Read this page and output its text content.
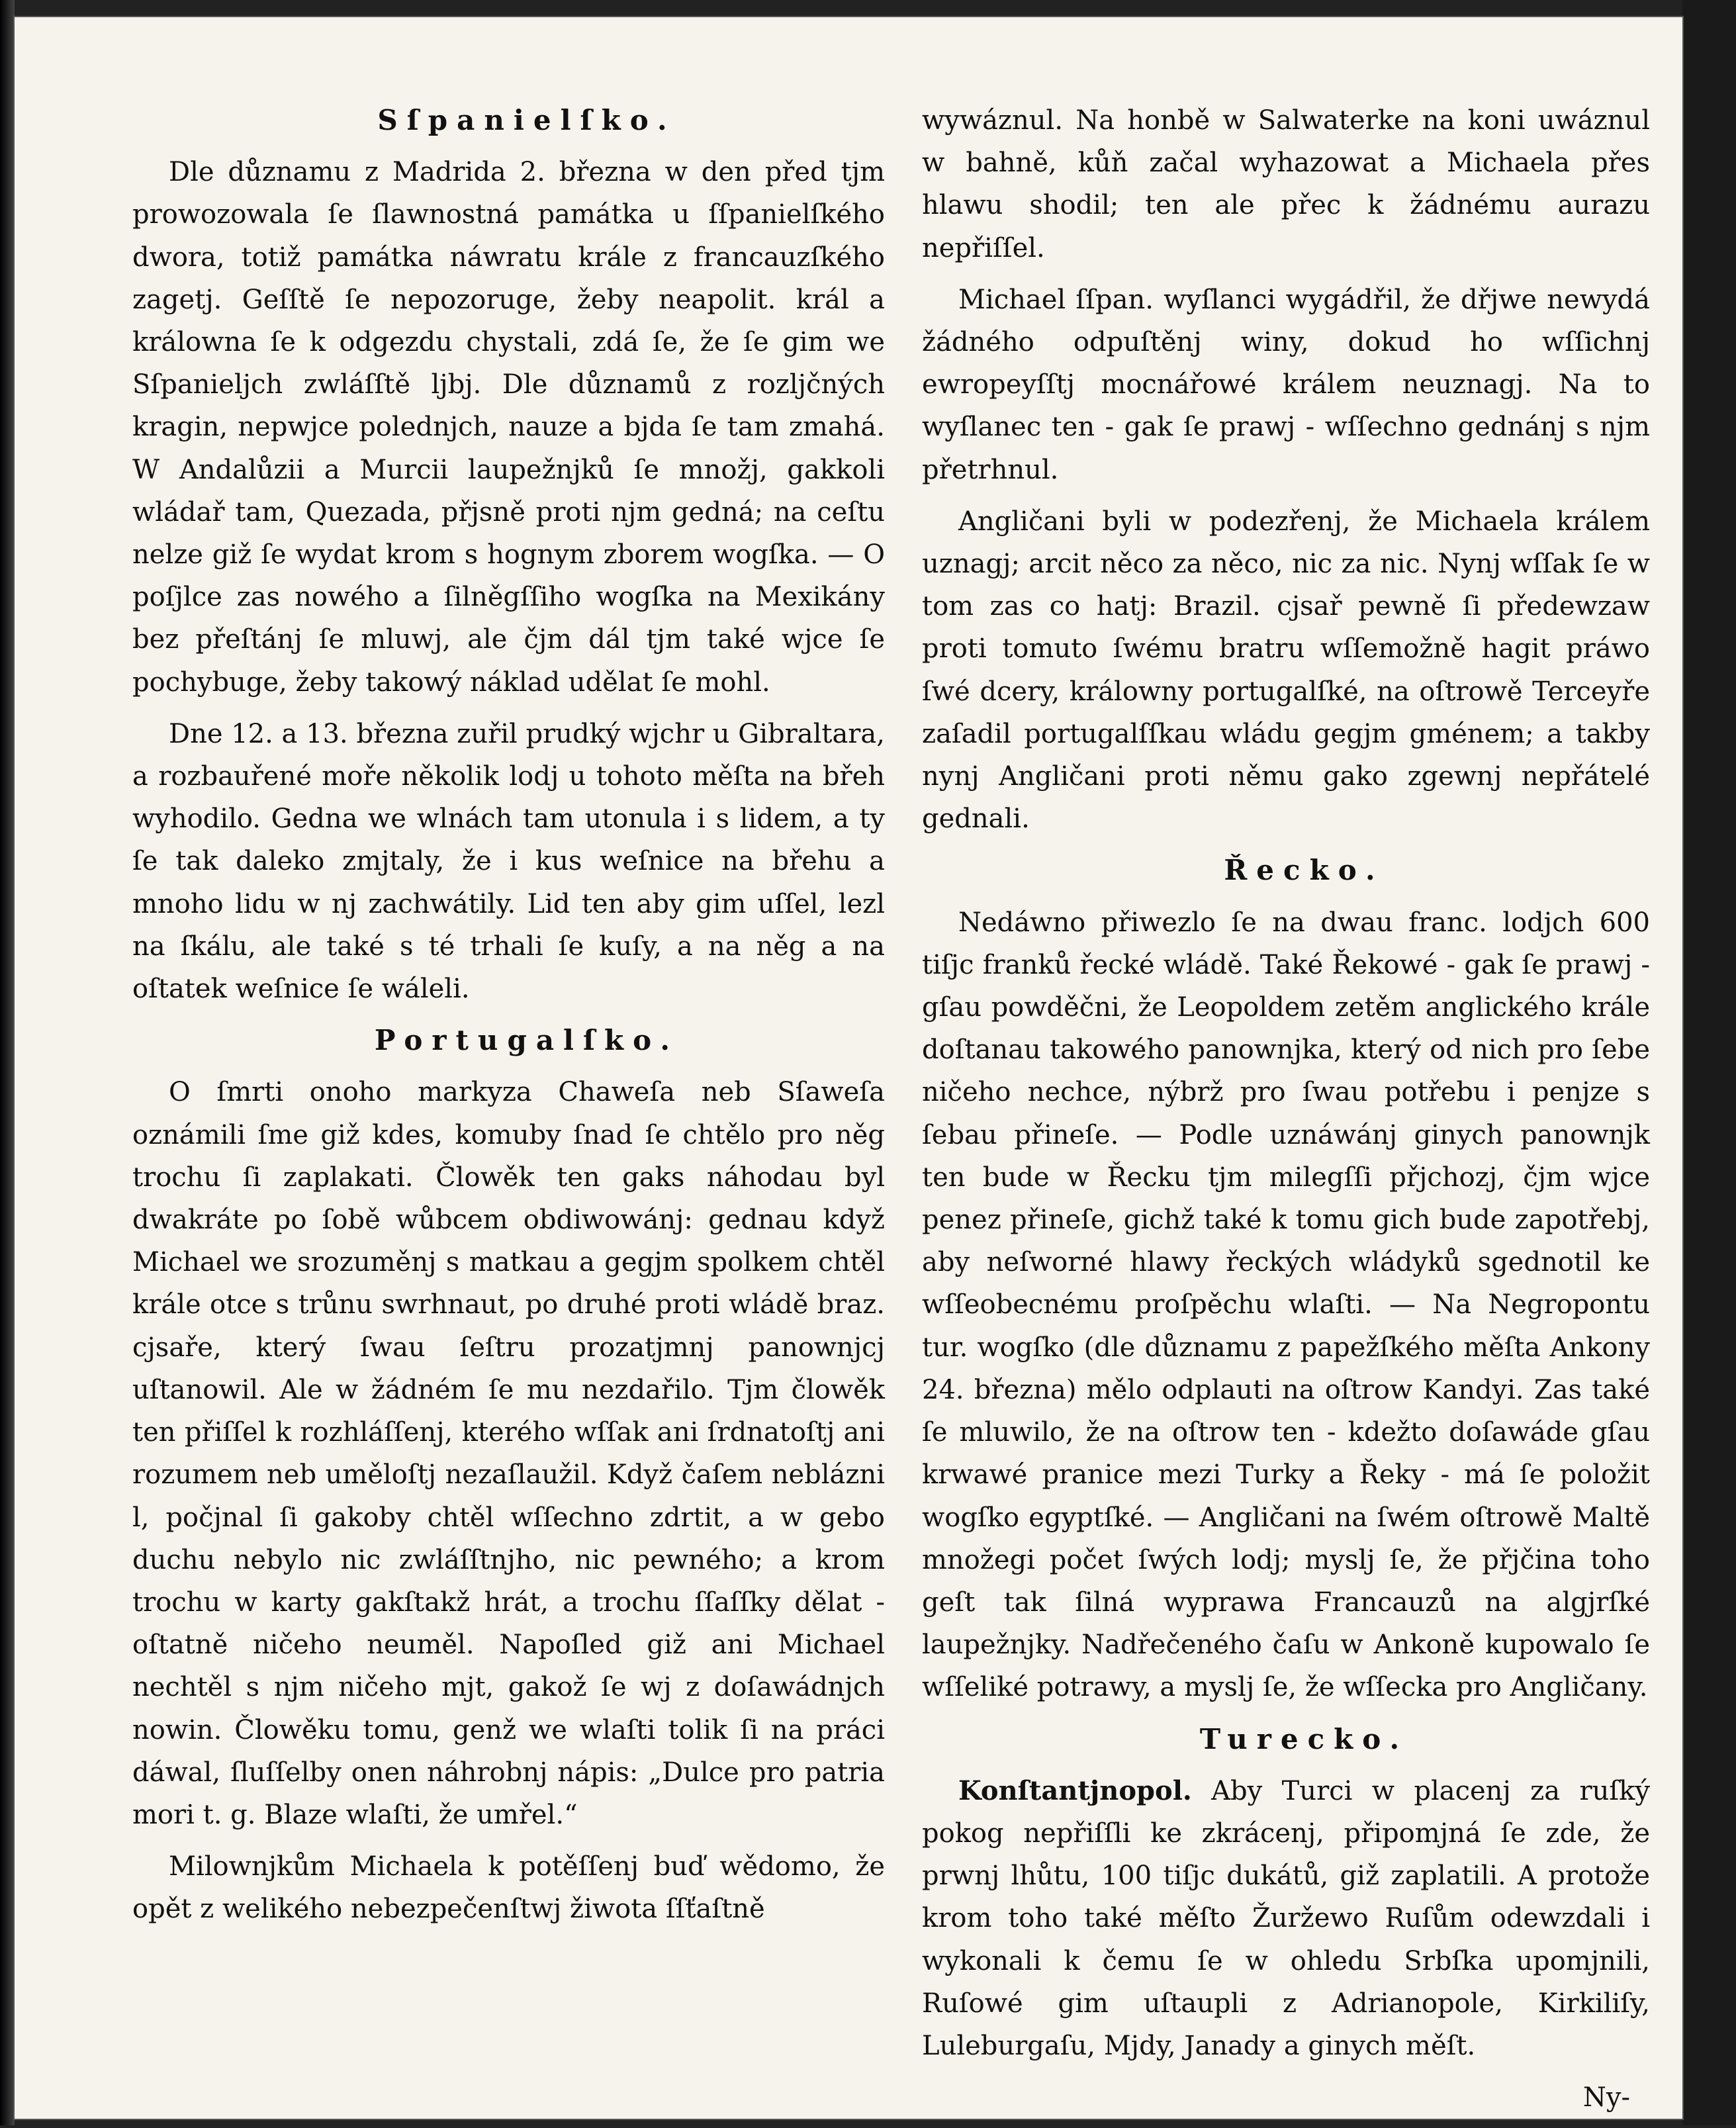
Sſpanielſko.

Dle důznamu z Madrida 2. březnа w den před tjm prowozowala ſe ſlawnostná památka u ſſpanielſkého dwora, totiž památka náwratu krále z francauzſkého zagetj. Geſſtě ſe nepozoruge, žeby neapolit. král a králowna ſe k odgezdu chystali, zdá ſe, že ſe gim we Sſpanieljch zwláſſtě ljbj. Dle důznamů z rozljčných kragin, nepwjce polednjch, nauze a bjda ſe tam zmahá. W Andalůzii a Murcii laupežnjků ſe množj, gakkoli wládař tam, Quezada, přjsně proti njm gedná; na ceſtu nelze giž ſe wydat krom s hognym zborem wogſka. — O poſjlce zas nowého a ſilněgſſiho wogſka na Mexikány bez přeſtánj ſe mluwj, ale čjm dál tjm také wjce ſe pochybuge, žeby takowý náklad udělat ſe mohl.

Dne 12. a 13. března zuřil prudký wjchr u Gibraltara, a rozbauřené moře několik lodj u tohoto měſta na břeh wyhodilo. Gedna we wlnách tam utonula i s lidem, a ty ſe tak daleko zmjtaly, že i kus weſnice na břehu a mnoho lidu w nj zachwátily. Lid ten aby gim uſſel, lezl na ſkálu, ale také s té trhali ſe kuſy, a na něg a na oſtatek weſnice ſe wáleli.

Portugalſko.

O ſmrti onoho markyza Chaweſa neb Sſaweſa oznámili ſme giž kdes, komuby ſnad ſe chtělo pro něg trochu ſi zaplakati. Člowěk ten gaks náhodau byl dwakráte po ſobě wůbcem obdiwowánj: gednau když Michael we srozuměnj s matkau a gegjm spolkem chtěl krále otce s trůnu swrhnaut, po druhé proti wládě braz. cjsaře, který ſwau ſeſtru prozatjmnj panownjcj uſtanowil. Ale w žádném ſe mu nezdařilo. Tjm člowěk ten přiſſel k rozhláſſenj, kterého wſſak ani ſrdnatoſtj ani rozumem neb uměloſtj nezaſlaužil. Když čaſem neblázni​l, počjnal ſi gakoby chtěl wſſechno zdrtit, a w gebo duchu nebylo nic zwláſſtnjho, nic pewného; a krom trochu w karty gakſtakž hrát, a trochu ſſaſſky dělat - oſtatně ničeho neuměl. Napoſled giž ani Michael nechtěl s njm ničeho mjt, gakož ſe wj z doſawádnjch nowin. Člowěku tomu, genž we wlaſti tolik ſi na práci dáwal, ſluſſelby onen náhrobnj nápis: „Dulce pro patria mori t. g. Blaze wlaſti, že umřel.“

Milownjkům Michaela k potěſſenj buď wědomo, že opět z welikého nebezpečenſtwj žiwota ſſťaſtně

wywáznul. Na honbě w Salwaterke na koni uwáznul w bahně, kůň začal wyhazowat a Michaela přes hlawu shodil; ten ale přec k žádnému aurazu nepřiſſel.

Michael ſſpan. wyſlanci wygádřil, že dřjwe newydá žádného odpuſtěnj winy, dokud ho wſſichnj ewropeyſſtj mocnářowé králem neuznagj. Na to wyſlanec ten - gak ſe prawj - wſſechno gednánj s njm přetrhnul.

Angličani byli w podezřenj, že Michaela králem uznagj; arcit něco za něco, nic za nic. Nynj wſſak ſe w tom zas co hatj: Brazil. cjsař pewně ſi předewzaw proti tomuto ſwému bratru wſſemožně hagit práwo ſwé dcery, králowny portugalſké, na oſtrowě Terceyře zaſadil portugalſſkau wládu gegjm gménem; a takby nynj Angličani proti němu gako zgewnj nepřátelé gednali.

Řecko.

Nedáwno přiwezlo ſe na dwau franc. lodjch 600 tiſjc franků řecké wládě. Také Řekowé - gak ſe prawj - gſau powděčni, že Leopoldem zetěm anglického krále doſtanau takowého panownjka, který od nich pro ſebe ničeho nechce, nýbrž pro ſwau potřebu i penjze s ſebau přineſe. — Podle uznáwánj ginych panownjk ten bude w Řecku tjm milegſſi přjchozj, čjm wjce penez přineſe, gichž také k tomu gich bude zapotřebj, aby neſworné hlawy řeckých wládyků sgednotil ke wſſeobecnému proſpěchu wlaſti. — Na Negropontu tur. wogſko (dle důznamu z papežſkého měſta Ankony 24. března) mělo odplauti na oſtrow Kandyi. Zas také ſe mluwilo, že na oſtrow ten - kdežto doſawáde gſau krwawé pranice mezi Turky a Řeky - má ſe položit wogſko egyptſké. — Angličani na ſwém oſtrowě Maltě množegi počet ſwých lodj; myslj ſe, že přjčina toho geſt tak ſilná wyprawa Francauzů na algjrſké laupežnjky. Nadřečeného čaſu w Ankoně kupowalo ſe wſſeliké potrawy, a myslj ſe, že wſſecka pro Angličany.

Turecko.

Konſtantjnopol. Aby Turci w placenj za ruſký pokog nepřiſſli ke zkrácenj, připomjná ſe zde, že prwnj lhůtu, 100 tiſjc dukátů, giž zaplatili. A protože krom toho také měſto Žuržewo Ruſům odewzdali i wykonali k čemu ſe w ohledu Srbſka upomjnili, Ruſowé gim uſtaupli z Adrianopole, Kirkiliſy, Luleburgaſu, Mjdy, Janady a ginych měſt.

Ny-
